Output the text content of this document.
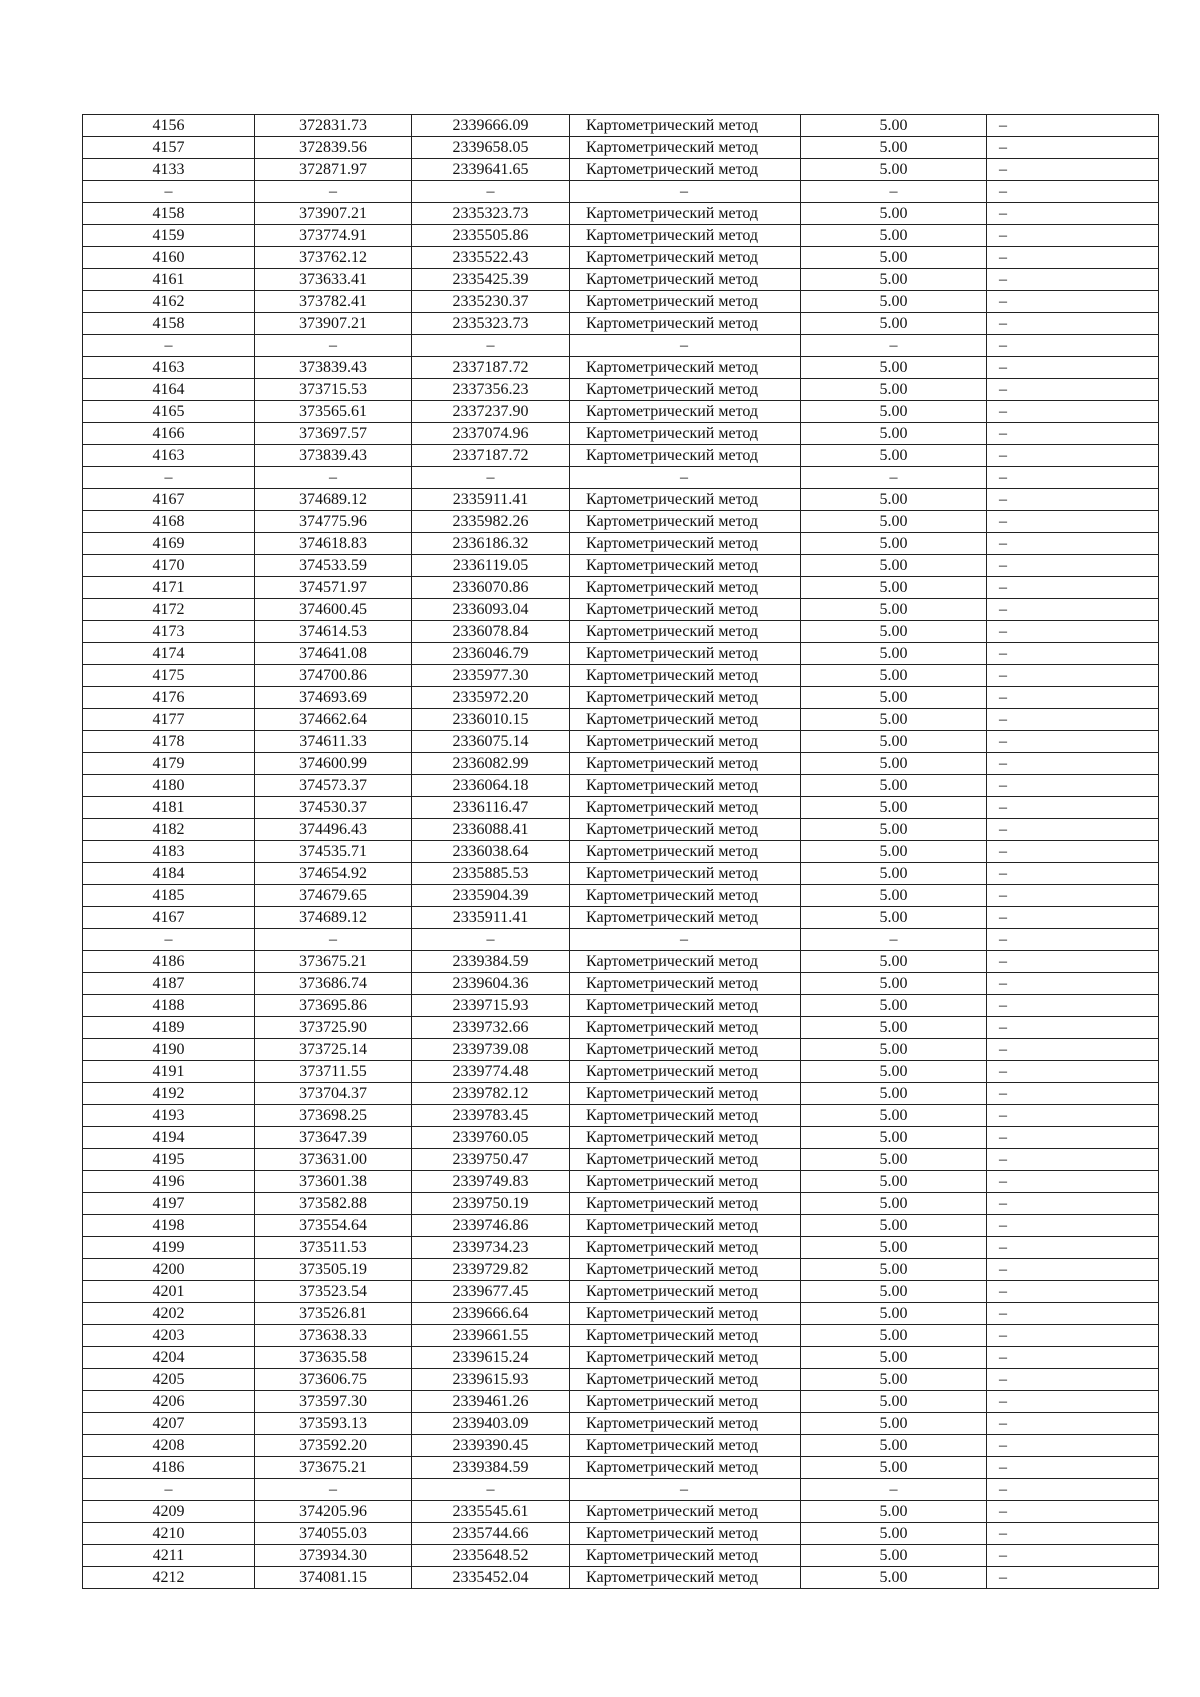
4156	372831.73	2339666.09	Картометрический метод	5.00	–
4157	372839.56	2339658.05	Картометрический метод	5.00	–
4133	372871.97	2339641.65	Картометрический метод	5.00	–
–	–	–	–	–	–
4158	373907.21	2335323.73	Картометрический метод	5.00	–
4159	373774.91	2335505.86	Картометрический метод	5.00	–
4160	373762.12	2335522.43	Картометрический метод	5.00	–
4161	373633.41	2335425.39	Картометрический метод	5.00	–
4162	373782.41	2335230.37	Картометрический метод	5.00	–
4158	373907.21	2335323.73	Картометрический метод	5.00	–
–	–	–	–	–	–
4163	373839.43	2337187.72	Картометрический метод	5.00	–
4164	373715.53	2337356.23	Картометрический метод	5.00	–
4165	373565.61	2337237.90	Картометрический метод	5.00	–
4166	373697.57	2337074.96	Картометрический метод	5.00	–
4163	373839.43	2337187.72	Картометрический метод	5.00	–
–	–	–	–	–	–
4167	374689.12	2335911.41	Картометрический метод	5.00	–
4168	374775.96	2335982.26	Картометрический метод	5.00	–
4169	374618.83	2336186.32	Картометрический метод	5.00	–
4170	374533.59	2336119.05	Картометрический метод	5.00	–
4171	374571.97	2336070.86	Картометрический метод	5.00	–
4172	374600.45	2336093.04	Картометрический метод	5.00	–
4173	374614.53	2336078.84	Картометрический метод	5.00	–
4174	374641.08	2336046.79	Картометрический метод	5.00	–
4175	374700.86	2335977.30	Картометрический метод	5.00	–
4176	374693.69	2335972.20	Картометрический метод	5.00	–
4177	374662.64	2336010.15	Картометрический метод	5.00	–
4178	374611.33	2336075.14	Картометрический метод	5.00	–
4179	374600.99	2336082.99	Картометрический метод	5.00	–
4180	374573.37	2336064.18	Картометрический метод	5.00	–
4181	374530.37	2336116.47	Картометрический метод	5.00	–
4182	374496.43	2336088.41	Картометрический метод	5.00	–
4183	374535.71	2336038.64	Картометрический метод	5.00	–
4184	374654.92	2335885.53	Картометрический метод	5.00	–
4185	374679.65	2335904.39	Картометрический метод	5.00	–
4167	374689.12	2335911.41	Картометрический метод	5.00	–
–	–	–	–	–	–
4186	373675.21	2339384.59	Картометрический метод	5.00	–
4187	373686.74	2339604.36	Картометрический метод	5.00	–
4188	373695.86	2339715.93	Картометрический метод	5.00	–
4189	373725.90	2339732.66	Картометрический метод	5.00	–
4190	373725.14	2339739.08	Картометрический метод	5.00	–
4191	373711.55	2339774.48	Картометрический метод	5.00	–
4192	373704.37	2339782.12	Картометрический метод	5.00	–
4193	373698.25	2339783.45	Картометрический метод	5.00	–
4194	373647.39	2339760.05	Картометрический метод	5.00	–
4195	373631.00	2339750.47	Картометрический метод	5.00	–
4196	373601.38	2339749.83	Картометрический метод	5.00	–
4197	373582.88	2339750.19	Картометрический метод	5.00	–
4198	373554.64	2339746.86	Картометрический метод	5.00	–
4199	373511.53	2339734.23	Картометрический метод	5.00	–
4200	373505.19	2339729.82	Картометрический метод	5.00	–
4201	373523.54	2339677.45	Картометрический метод	5.00	–
4202	373526.81	2339666.64	Картометрический метод	5.00	–
4203	373638.33	2339661.55	Картометрический метод	5.00	–
4204	373635.58	2339615.24	Картометрический метод	5.00	–
4205	373606.75	2339615.93	Картометрический метод	5.00	–
4206	373597.30	2339461.26	Картометрический метод	5.00	–
4207	373593.13	2339403.09	Картометрический метод	5.00	–
4208	373592.20	2339390.45	Картометрический метод	5.00	–
4186	373675.21	2339384.59	Картометрический метод	5.00	–
–	–	–	–	–	–
4209	374205.96	2335545.61	Картометрический метод	5.00	–
4210	374055.03	2335744.66	Картометрический метод	5.00	–
4211	373934.30	2335648.52	Картометрический метод	5.00	–
4212	374081.15	2335452.04	Картометрический метод	5.00	–
